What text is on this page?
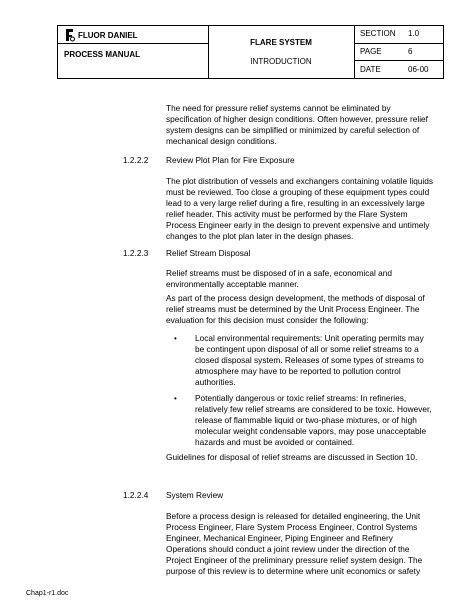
FLUOR DANIEL
PROCESS MANUAL
FLARE SYSTEM
INTRODUCTION
SECTION 1.0
PAGE	6
DATE	06-00
The need for pressure relief systems cannot be eliminated by
specification of higher design conditions. Often however, pressure relief
system designs can be simplified or minimized by careful selection of
mechanical design conditions.
1.2.2.2 Review Plot Plan for Fire Exposure
The plot distribution of vessels and exchangers containing volatile liquids
must be reviewed. Too close a grouping of these equipment types could
lead to a very large relief during a fire, resulting in an excessively large
relief header. This activity must be performed by the Flare System
Process Engineer early in the design to prevent expensive and untimely
changes to the plot plan later in the design phases.
1.2.2.3 Relief Stream Disposal
Relief streams must be disposed of in a safe, economical and
environmentally acceptable manner.
As part of the process design development, the methods of disposal of
relief streams must be determined by the Unit Process Engineer. The
evaluation for this decision must consider the following:
• Local environmental requirements: Unit operating permits may
be contingent upon disposal of all or some relief streams to a
closed disposal system. Releases of some types of streams to
atmosphere may have to be reported to pollution control
authorities.
• Potentially dangerous or toxic relief streams: In refineries,
relatively few relief streams are considered to be toxic. However,
release of flammable liquid or two-phase mixtures, or of high
molecular weight condensable vapors, may pose unacceptable
hazards and must be avoided or contained.
Guidelines for disposal of relief streams are discussed in Section 10.
1.2.2.4 System Review
Before a process design is released for detailed engineering, the Unit
Process Engineer, Flare System Process Engineer, Control Systems
Engineer, Mechanical Engineer, Piping Engineer and Refinery
Operations should conduct a joint review under the direction of the
Project Engineer of the preliminary pressure relief system design. The
purpose of this review is to determine where unit economics or safety
Chap1-r1.doc
